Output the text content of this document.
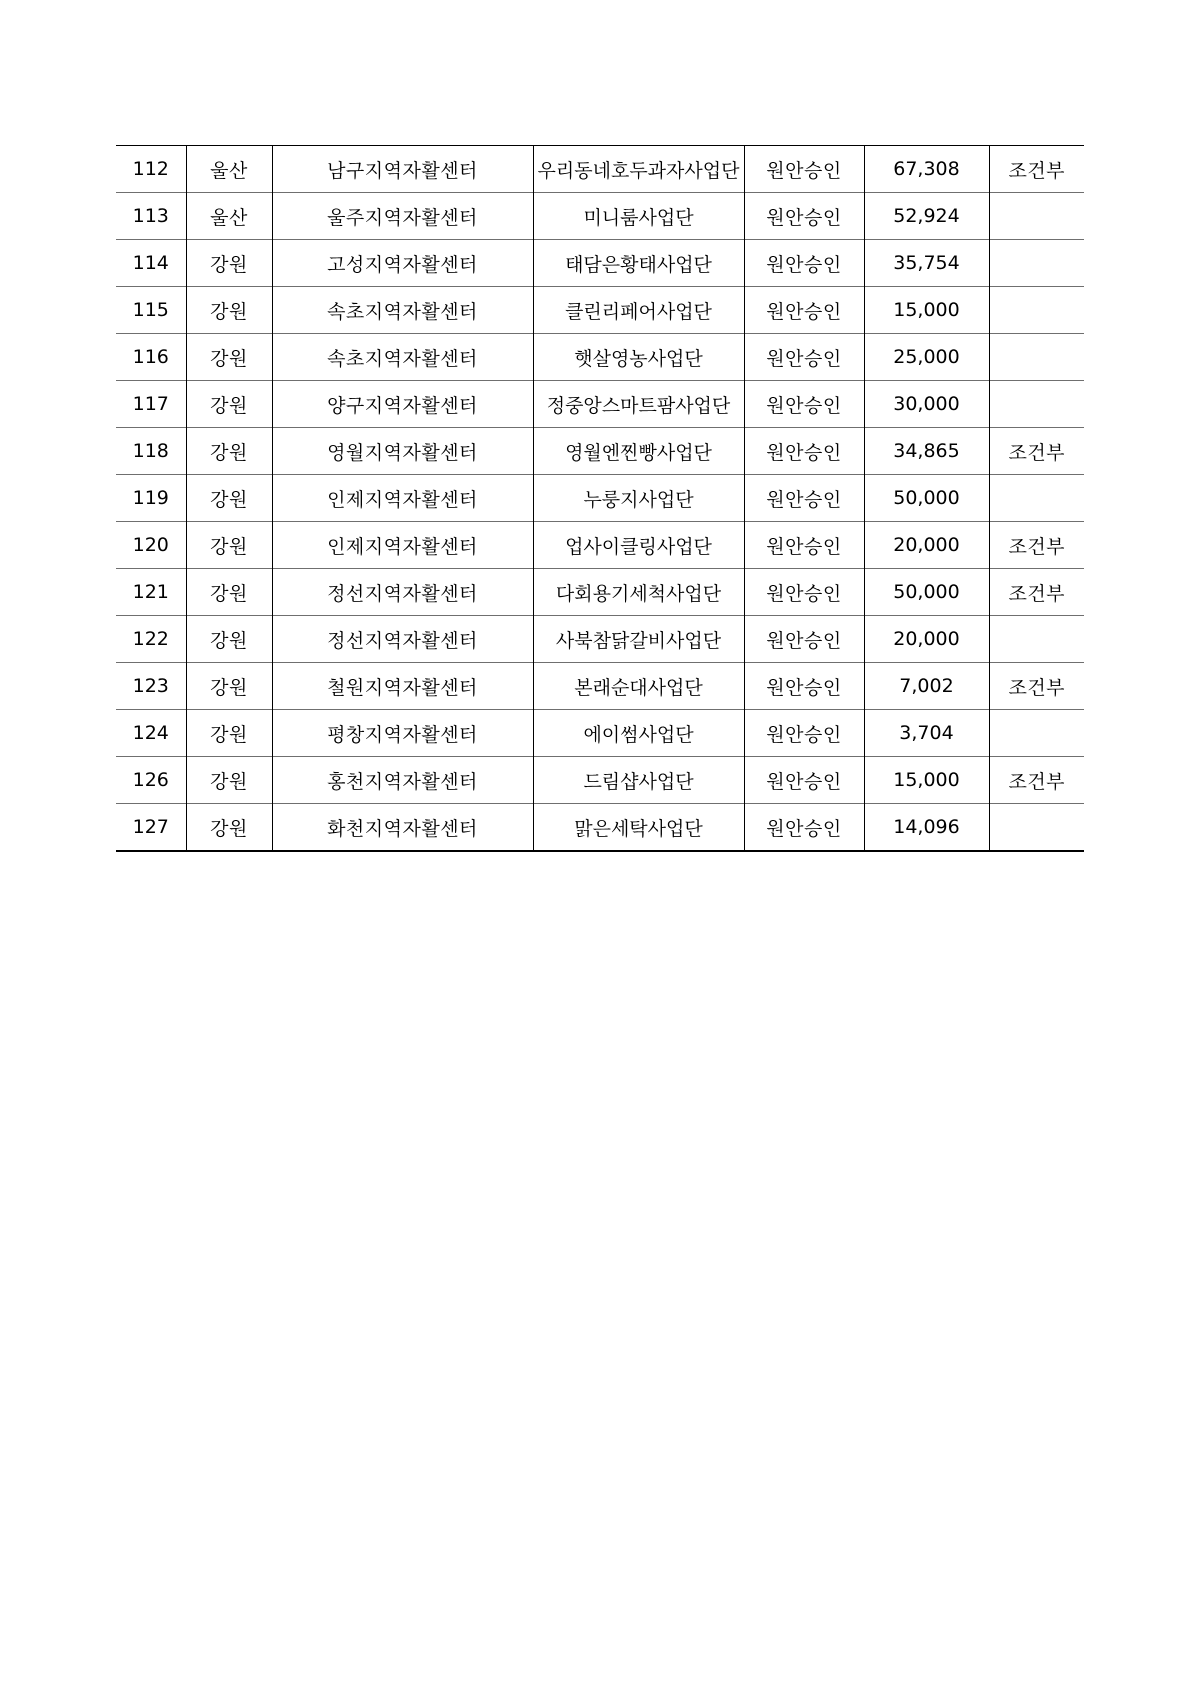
112	울산	남구지역자활센터	우리동네호두과자사업단	원안승인	67,308	조건부
113	울산	울주지역자활센터	미니룸사업단	원안승인	52,924	
114	강원	고성지역자활센터	태담은황태사업단	원안승인	35,754	
115	강원	속초지역자활센터	클린리페어사업단	원안승인	15,000	
116	강원	속초지역자활센터	햇살영농사업단	원안승인	25,000	
117	강원	양구지역자활센터	정중앙스마트팜사업단	원안승인	30,000	
118	강원	영월지역자활센터	영월엔찐빵사업단	원안승인	34,865	조건부
119	강원	인제지역자활센터	누룽지사업단	원안승인	50,000	
120	강원	인제지역자활센터	업사이클링사업단	원안승인	20,000	조건부
121	강원	정선지역자활센터	다회용기세척사업단	원안승인	50,000	조건부
122	강원	정선지역자활센터	사북참닭갈비사업단	원안승인	20,000	
123	강원	철원지역자활센터	본래순대사업단	원안승인	7,002	조건부
124	강원	평창지역자활센터	에이썸사업단	원안승인	3,704	
126	강원	홍천지역자활센터	드림샵사업단	원안승인	15,000	조건부
127	강원	화천지역자활센터	맑은세탁사업단	원안승인	14,096	
